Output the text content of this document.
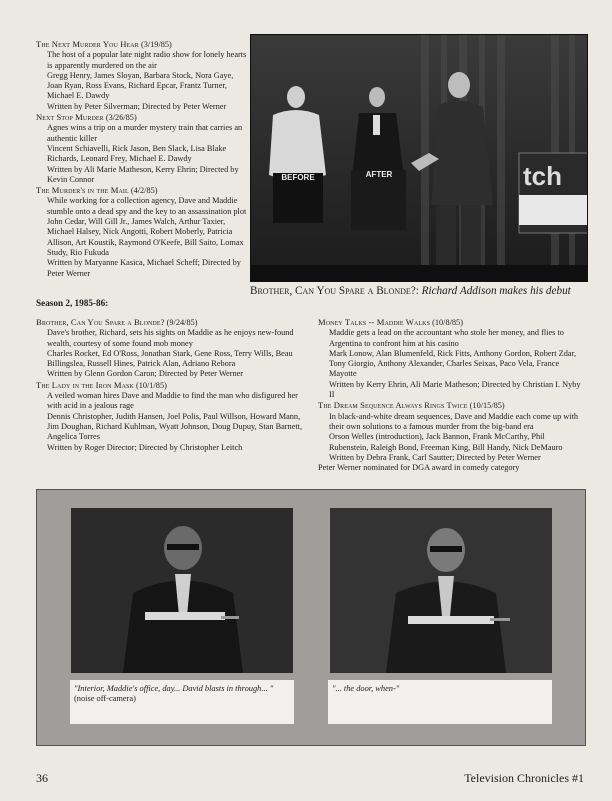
The Next Murder You Hear (3/19/85)
The host of a popular late night radio show for lonely hearts is apparently murdered on the air
Gregg Henry, James Sloyan, Barbara Stock, Nora Gaye, Joan Ryan, Ross Evans, Richard Epcar, Frantz Turner, Michael E. Dawdy
Written by Peter Silverman; Directed by Peter Werner
Next Stop Murder (3/26/85)
Agnes wins a trip on a murder mystery train that carries an authentic killer
Vincent Schiavelli, Rick Jason, Ben Slack, Lisa Blake Richards, Leonard Frey, Michael E. Dawdy
Written by Ali Marie Matheson, Kerry Ehrin; Directed by Kevin Connor
The Murder's in the Mail (4/2/85)
While working for a collection agency, Dave and Maddie stumble onto a dead spy and the key to an assassination plot
John Cedar, Will Gill Jr., James Walch, Arthur Taxier, Michael Halsey, Nick Angotti, Robert Moberly, Patricia Allison, Art Koustik, Raymond O'Keefe, Bill Saito, Lomax Study, Rio Fukuda
Written by Maryanne Kasica, Michael Scheff; Directed by Peter Werner
tch
BEFORE	AFTER
Brother, Can You Spare a Blonde?: Richard Addison makes his debut
Season 2, 1985-86:
Brother, Can You Spare a Blonde? (9/24/85)
Dave's brother, Richard, sets his sights on Maddie as he enjoys new-found wealth, courtesy of some found mob money
Charles Rocket, Ed O'Ross, Jonathan Stark, Gene Ross, Terry Wills, Beau Billingslea, Russell Hines, Patrick Alan, Adriano Rebora
Written by Glenn Gordon Caron; Directed by Peter Werner
The Lady in the Iron Mask (10/1/85)
A veiled woman hires Dave and Maddie to find the man who disfigured her with acid in a jealous rage
Dennis Christopher, Judith Hansen, Joel Polis, Paul Willson, Howard Mann, Jim Doughan, Richard Kuhlman, Wyatt Johnson, Doug Dupuy, Stan Barnett, Angelica Torres
Written by Roger Director; Directed by Christopher Leitch
Money Talks -- Maddie Walks (10/8/85)
Maddie gets a lead on the accountant who stole her money, and flies to Argentina to confront him at his casino
Mark Lonow, Alan Blumenfeld, Rick Fitts, Anthony Gordon, Robert Zdar, Tony Giorgio, Anthony Alexander, Charles Seixas, Paco Vela, France Mayotte
Written by Kerry Ehrin, Ali Marie Matheson; Directed by Christian I. Nyby II
The Dream Sequence Always Rings Twice (10/15/85)
In black-and-white dream sequences, Dave and Maddie each come up with their own solutions to a famous murder from the big-band era
Orson Welles (introduction), Jack Bannon, Frank McCarthy, Phil Rubenstein, Raleigh Bond, Freeman King, Bill Handy, Nick DeMauro
Written by Debra Frank, Carl Sautter; Directed by Peter Werner
Peter Werner nominated for DGA award in comedy category
"Interior, Maddie's office, day... David blasts in through... "
(noise off-camera)
"... the door, when-"
36	Television Chronicles #1
